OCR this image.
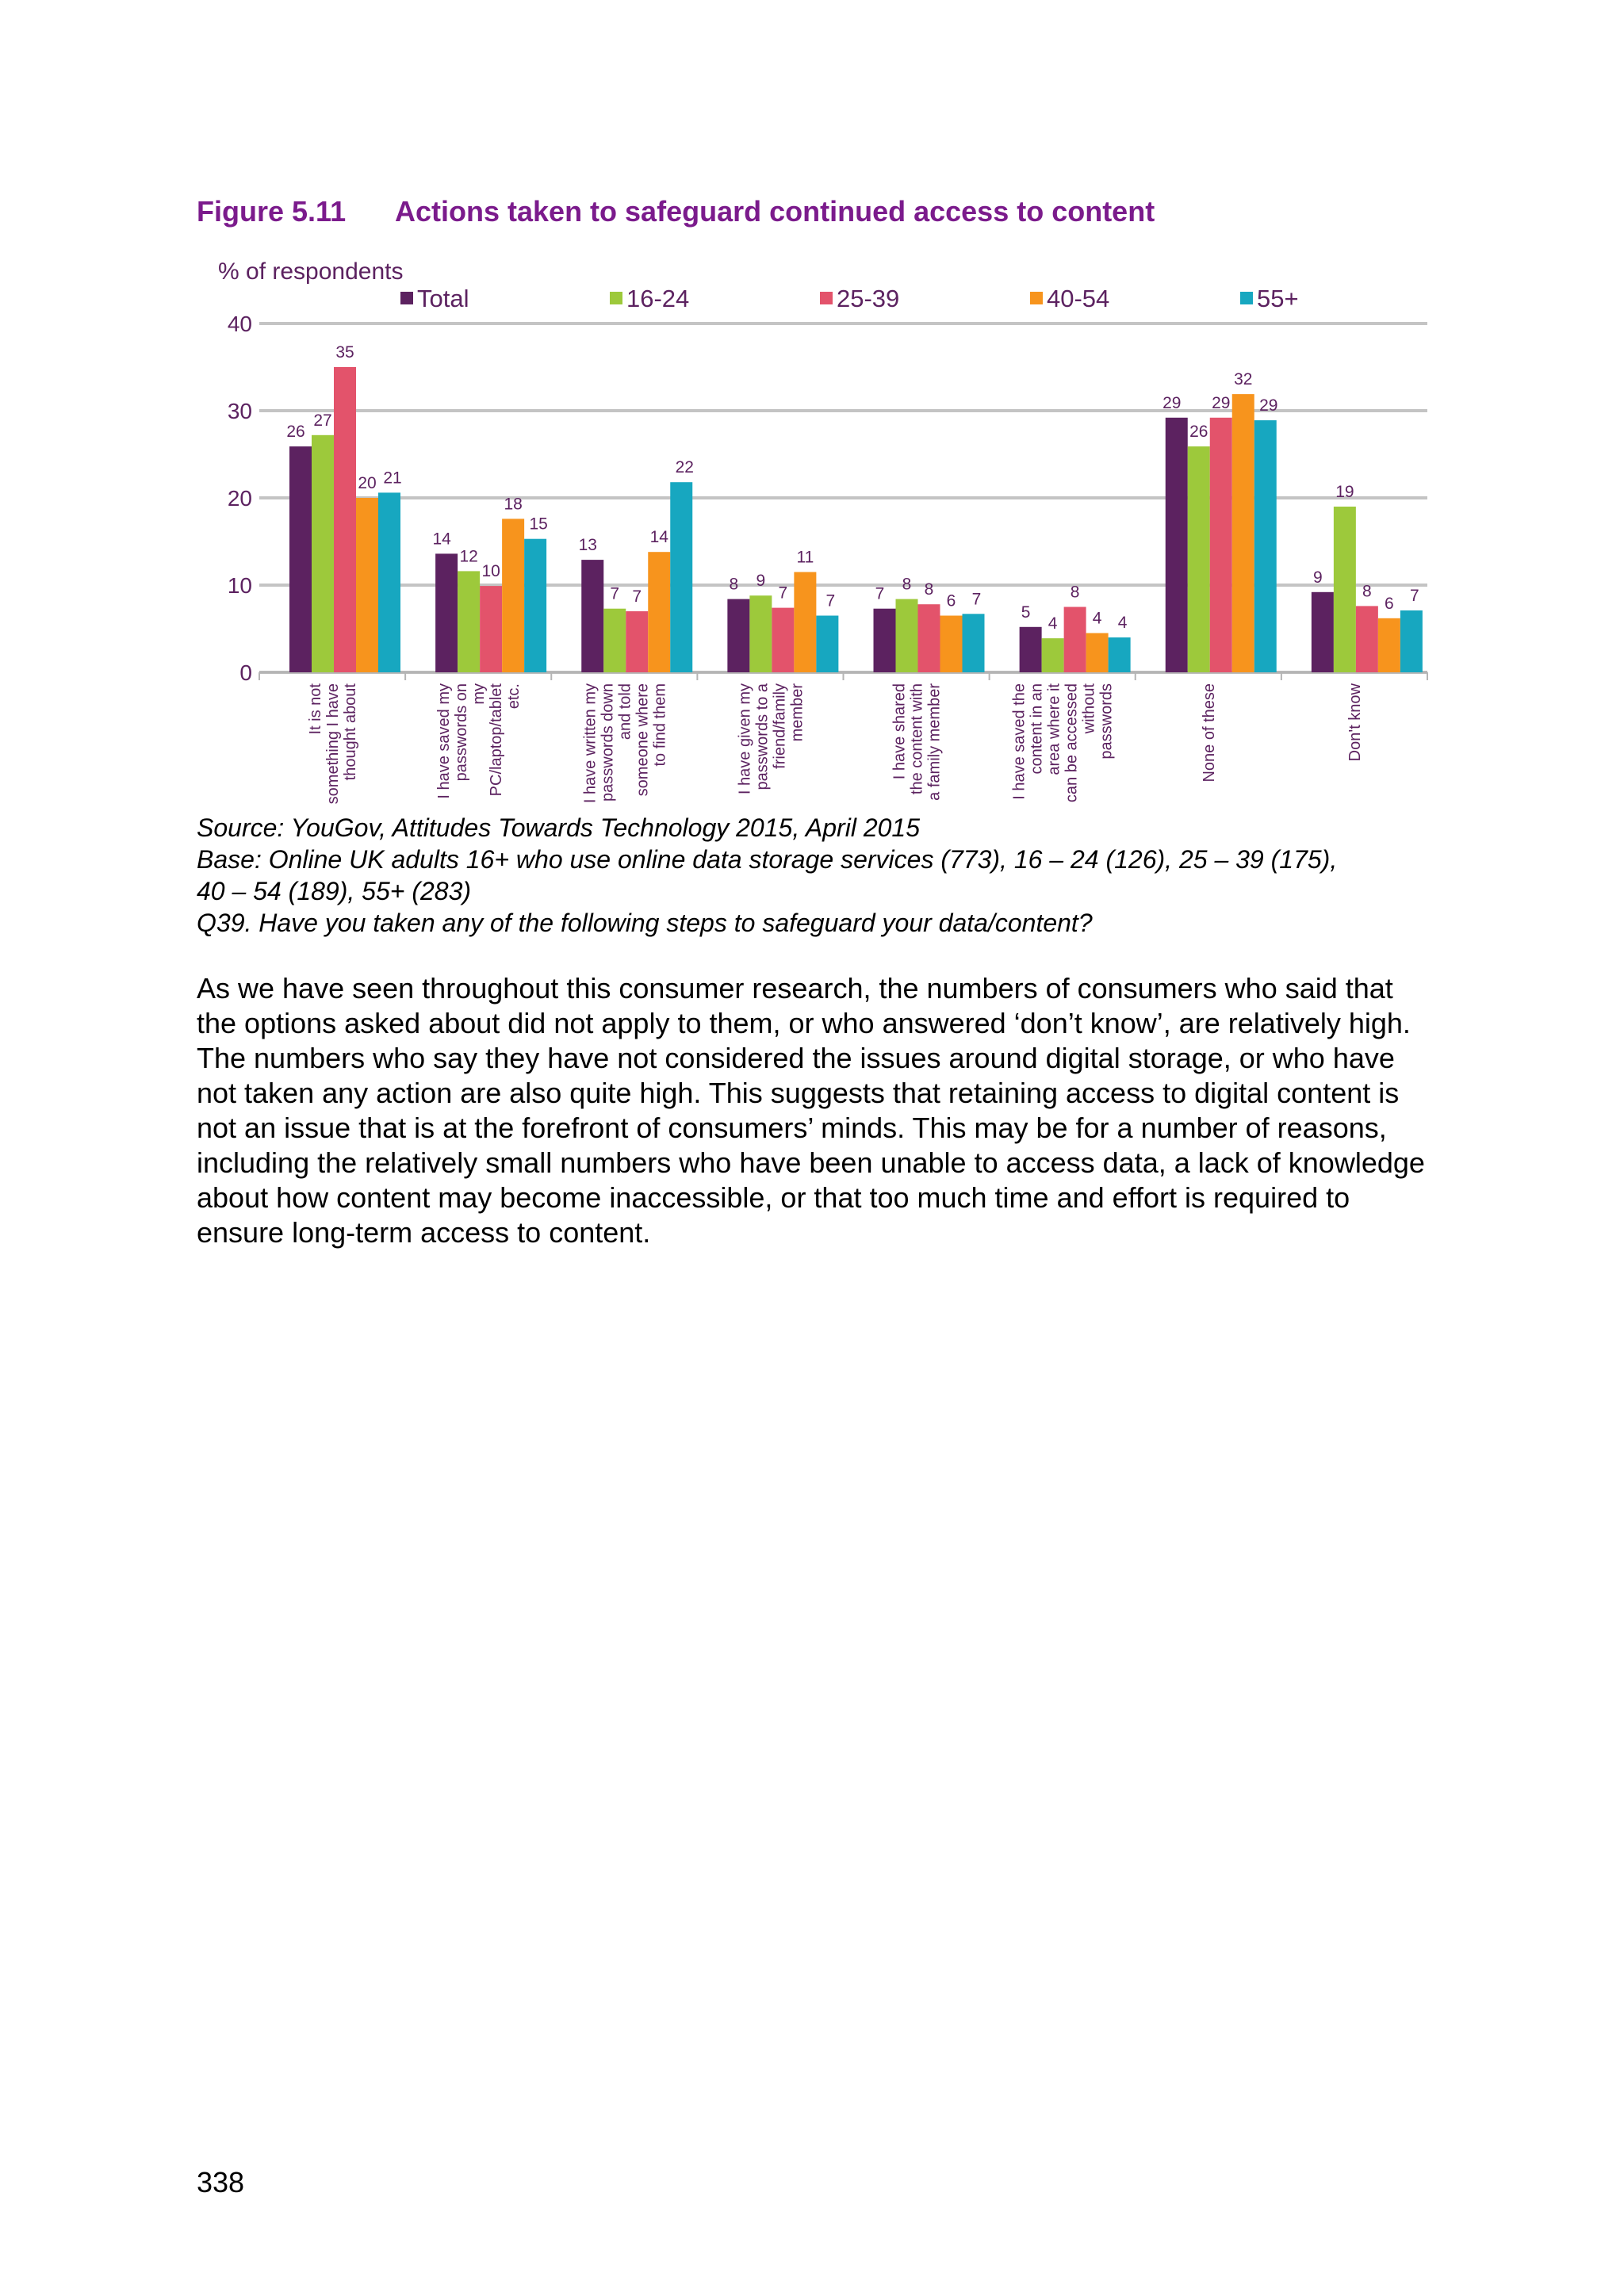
Figure 5.11 Actions taken to safeguard continued access to content
% of respondents
0
10
20
30
40
Total	16-24	25-39	40-54	55+
26
27
35
20 21
14
12
10
18
15
13
7 7
14
22
8 9
7
11
7 7
8 8
6 7
5
4
8
4 4
29
26
29
32
29
9
19
8
6 7
It is not something I have thought about	I have saved my passwords on my PC/laptop/tablet etc.	I have written my passwords down and told someone where to find them	I have given my passwords to a friend/family member	I have shared the content with a family member	I have saved the content in an area where it can be accessed without passwords	None of these	Don't know

Source: YouGov, Attitudes Towards Technology 2015, April 2015

Base: Online UK adults 16+ who use online data storage services (773), 16 – 24 (126), 25 – 39 (175),

40 – 54 (189), 55+ (283)

Q39. Have you taken any of the following steps to safeguard your data/content?

As we have seen throughout this consumer research, the numbers of consumers who said that the options asked about did not apply to them, or who answered ‘don’t know’, are relatively high. The numbers who say they have not considered the issues around digital storage, or who have not taken any action are also quite high. This suggests that retaining access to digital content is not an issue that is at the forefront of consumers’ minds. This may be for a number of reasons, including the relatively small numbers who have been unable to access data, a lack of knowledge about how content may become inaccessible, or that too much time and effort is required to ensure long-term access to content.

338
